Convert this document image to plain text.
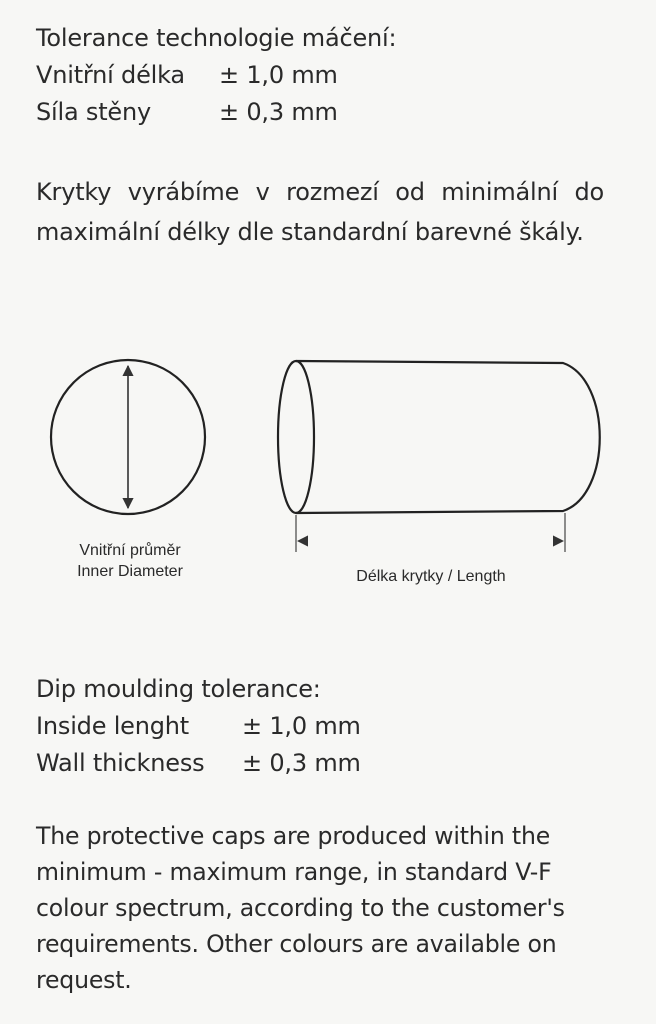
Tolerance technologie máčení:
Vnitřní délka	± 1,0 mm
Síla stěny	± 0,3 mm
Krytky vyrábíme v rozmezí od minimální do maximální délky dle standardní barevné škály.
Vnitřní průměr
Inner Diameter	Délka krytky / Length
Dip moulding tolerance:
Inside lenght	± 1,0 mm
Wall thickness	± 0,3 mm
The protective caps are produced within the minimum - maximum range, in standard V-F colour spectrum, according to the customer's requirements. Other colours are available on request.
